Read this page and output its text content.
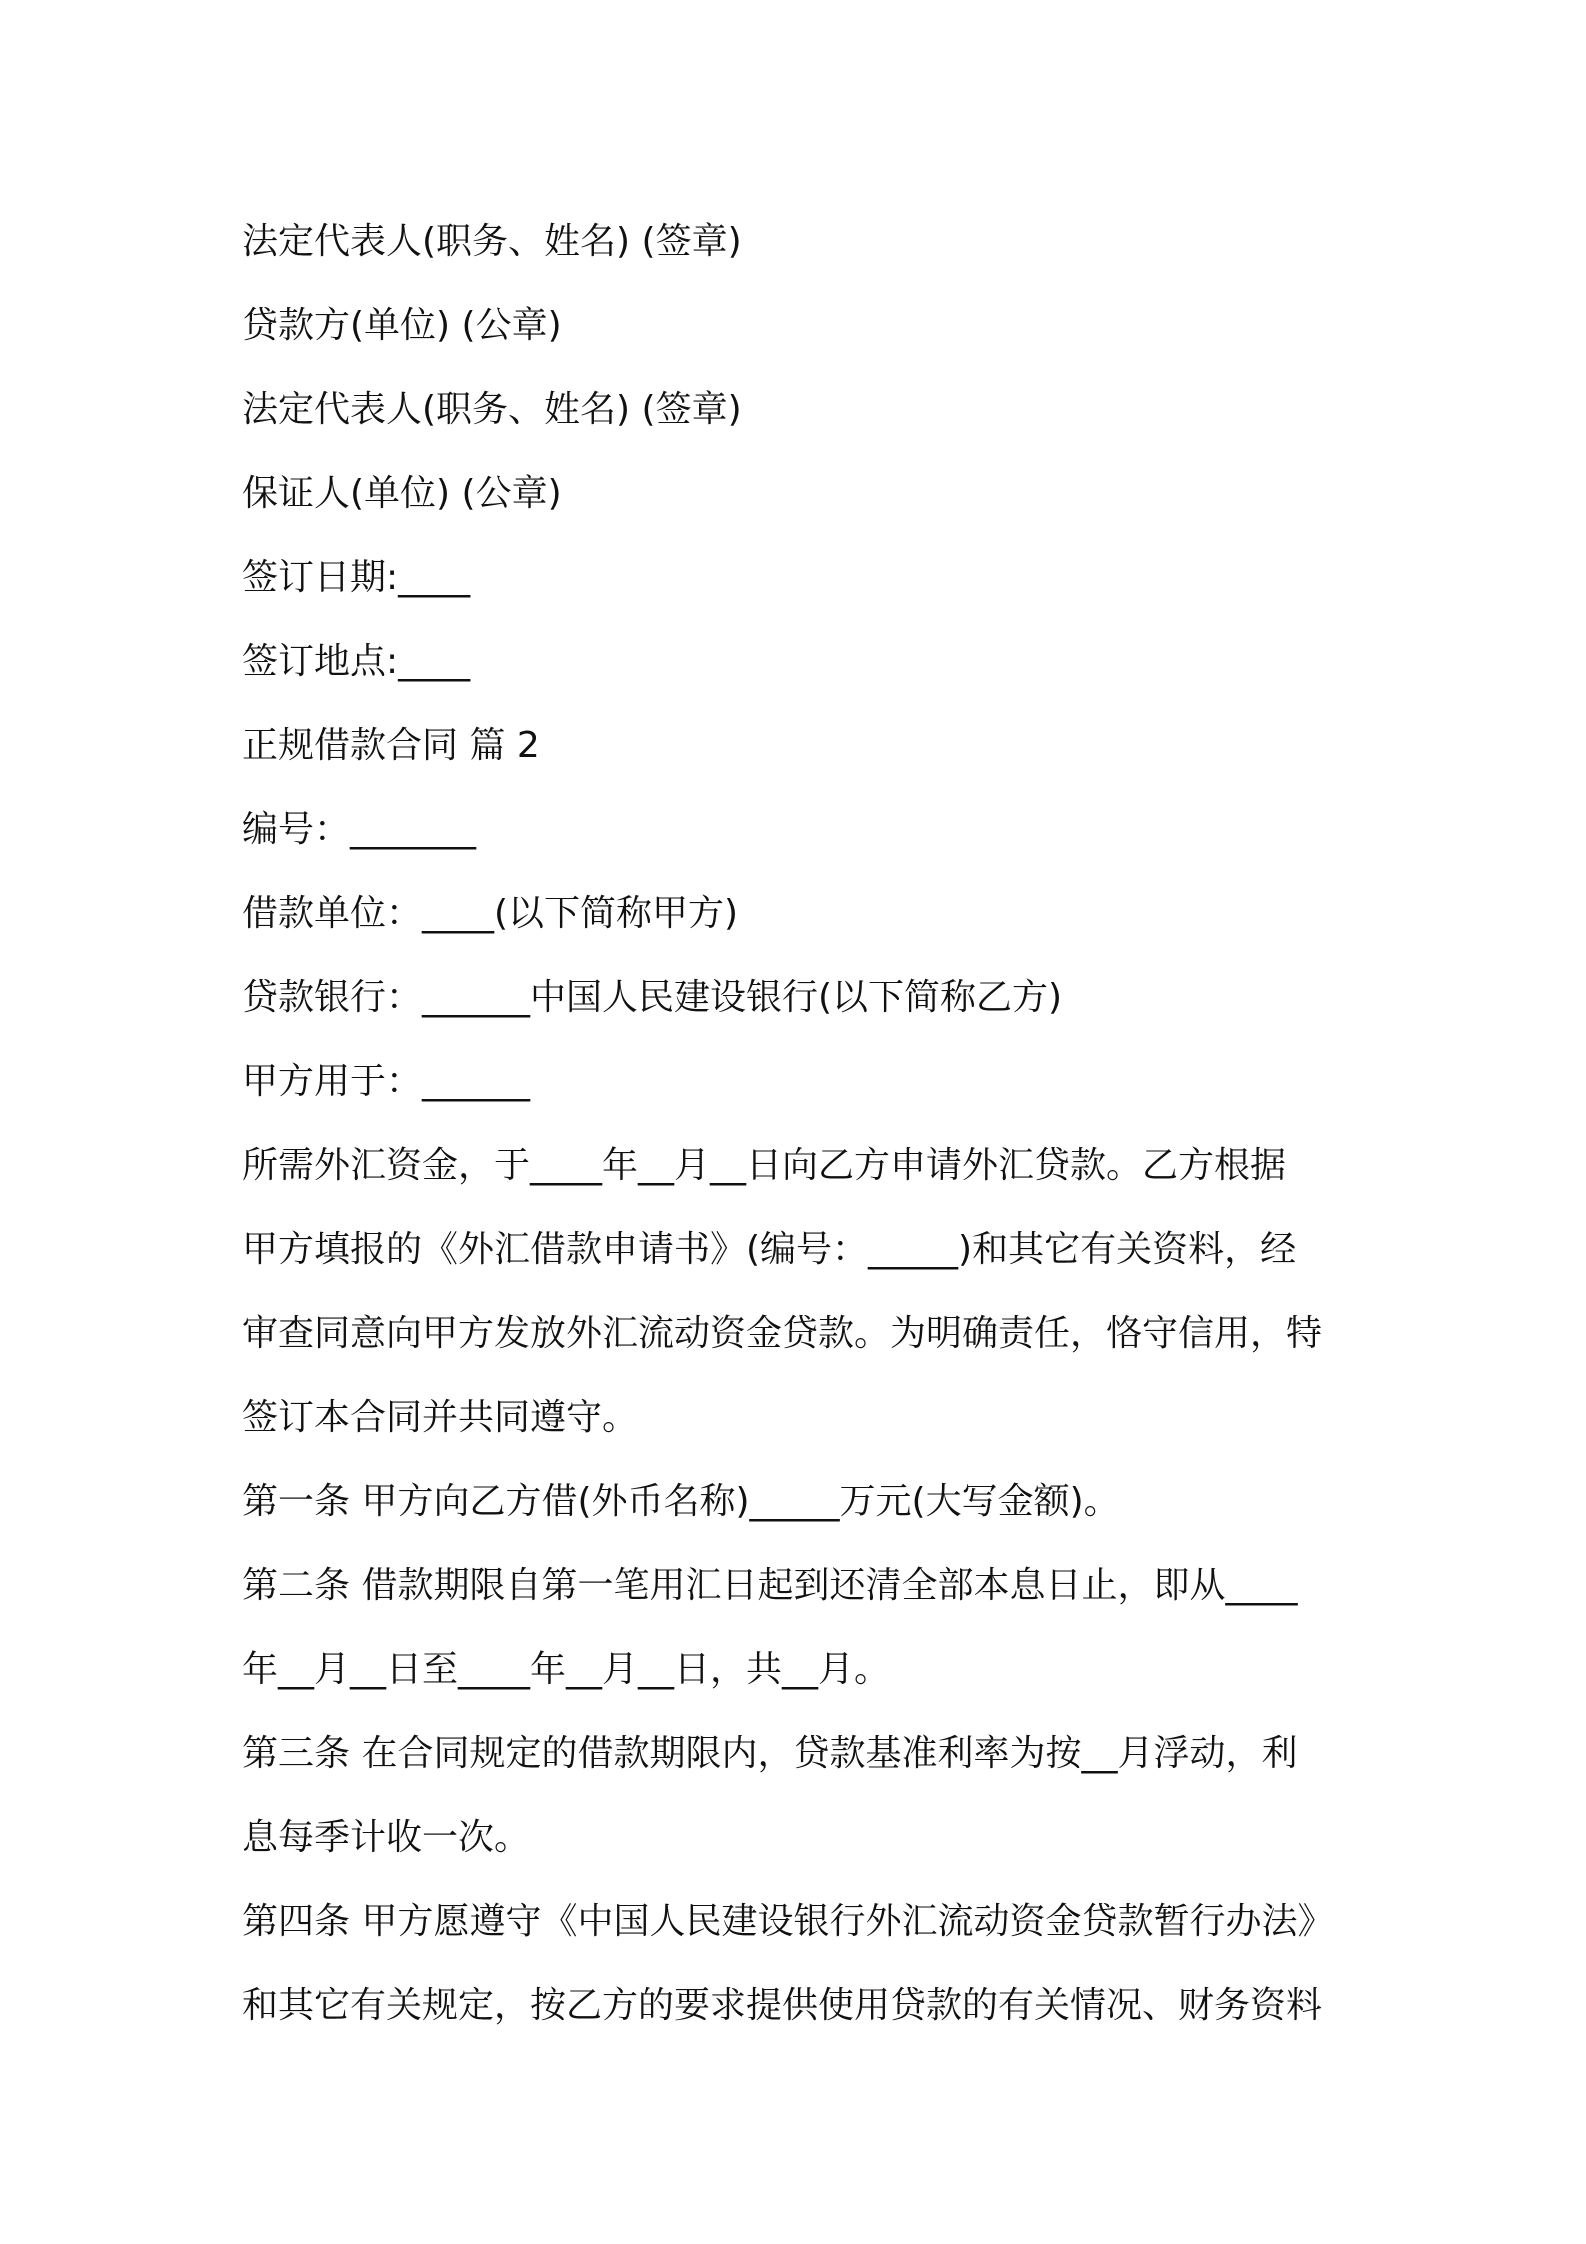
法定代表人(职务、姓名) (签章)
贷款方(单位) (公章)
法定代表人(职务、姓名) (签章)
保证人(单位) (公章)
签订日期:____
签订地点:____
正规借款合同 篇 2
编号：_______
借款单位：____(以下简称甲方)
贷款银行：______中国人民建设银行(以下简称乙方)
甲方用于：______
所需外汇资金，于____年__月__日向乙方申请外汇贷款。乙方根据
甲方填报的《外汇借款申请书》(编号：_____)和其它有关资料，经
审查同意向甲方发放外汇流动资金贷款。为明确责任，恪守信用，特
签订本合同并共同遵守。
第一条 甲方向乙方借(外币名称)_____万元(大写金额)。
第二条 借款期限自第一笔用汇日起到还清全部本息日止，即从____
年__月__日至____年__月__日，共__月。
第三条 在合同规定的借款期限内，贷款基准利率为按__月浮动，利
息每季计收一次。
第四条 甲方愿遵守《中国人民建设银行外汇流动资金贷款暂行办法》
和其它有关规定，按乙方的要求提供使用贷款的有关情况、财务资料
